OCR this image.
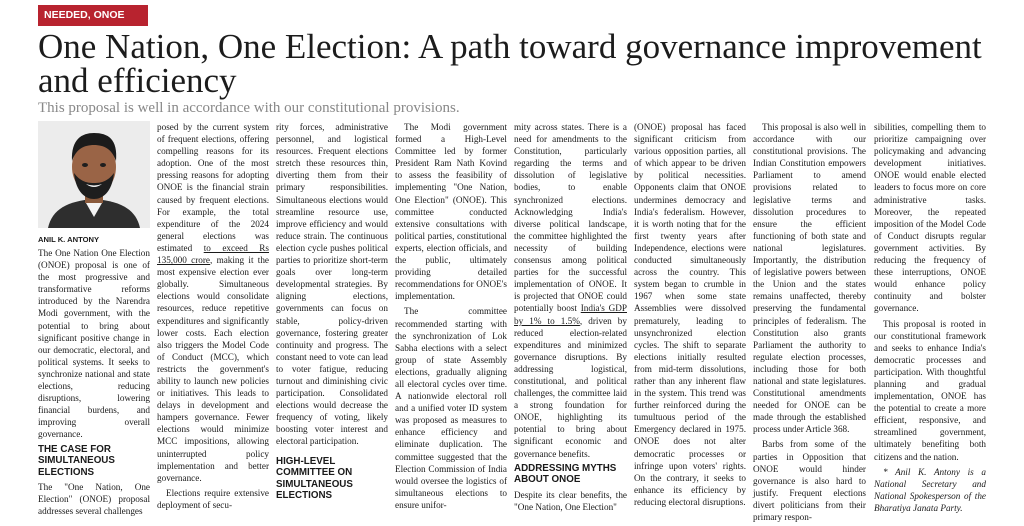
NEEDED, ONOE
One Nation, One Election: A path toward governance improvement and efficiency
This proposal is well in accordance with our constitutional provisions.
ANIL K. ANTONY

The One Nation One Election (ONOE) proposal is one of the most progressive and transformative reforms introduced by the Narendra Modi government, with the potential to bring about significant positive change in our democratic, electoral, and political systems. It seeks to synchronize national and state elections, reducing disruptions, lowering financial burdens, and improving overall governance.

THE CASE FOR SIMULTANEOUS ELECTIONS

The "One Nation, One Election" (ONOE) proposal addresses several challenges

posed by the current system of frequent elections, offering compelling reasons for its adoption. One of the most pressing reasons for adopting ONOE is the financial strain caused by frequent elections. For example, the total expenditure of the 2024 general elections was estimated to exceed Rs 135,000 crore, making it the most expensive election ever globally. Simultaneous elections would consolidate resources, reduce repetitive expenditures and significantly lower costs. Each election also triggers the Model Code of Conduct (MCC), which restricts the government's ability to launch new policies or initiatives. This leads to delays in development and hampers governance. Fewer elections would minimize MCC impositions, allowing uninterrupted policy implementation and better governance.

Elections require extensive deployment of secu-

rity forces, administrative personnel, and logistical resources. Frequent elections stretch these resources thin, diverting them from their primary responsibilities. Simultaneous elections would streamline resource use, improve efficiency and would reduce strain. The continuous election cycle pushes political parties to prioritize short-term goals over long-term developmental strategies. By aligning elections, governments can focus on stable, policy-driven governance, fostering greater continuity and progress. The constant need to vote can lead to voter fatigue, reducing turnout and diminishing civic participation. Consolidated elections would decrease the frequency of voting, likely boosting voter interest and electoral participation.

HIGH-LEVEL COMMITTEE ON SIMULTANEOUS ELECTIONS

The Modi government formed a High-Level Committee led by former President Ram Nath Kovind to assess the feasibility of implementing "One Nation, One Election" (ONOE). This committee conducted extensive consultations with political parties, constitutional experts, election officials, and the public, ultimately providing detailed recommendations for ONOE's implementation.

The committee recommended starting with the synchronization of Lok Sabha elections with a select group of state Assembly elections, gradually aligning all electoral cycles over time. A nationwide electoral roll and a unified voter ID system was proposed as measures to enhance efficiency and eliminate duplication. The committee suggested that the Election Commission of India would oversee the logistics of simultaneous elections to ensure unifor-

mity across states. There is a need for amendments to the Constitution, particularly regarding the terms and dissolution of legislative bodies, to enable synchronized elections. Acknowledging India's diverse political landscape, the committee highlighted the necessity of building consensus among political parties for the successful implementation of ONOE. It is projected that ONOE could potentially boost India's GDP by 1% to 1.5%, driven by reduced election-related expenditures and minimized governance disruptions. By addressing logistical, constitutional, and political challenges, the committee laid a strong foundation for ONOE, highlighting its potential to bring about significant economic and governance benefits.

ADDRESSING MYTHS ABOUT ONOE

Despite its clear benefits, the "One Nation, One Election"

(ONOE) proposal has faced significant criticism from various opposition parties, all of which appear to be driven by political necessities. Opponents claim that ONOE undermines democracy and India's federalism. However, it is worth noting that for the first twenty years after Independence, elections were conducted simultaneously across the country. This system began to crumble in 1967 when some state Assemblies were dissolved prematurely, leading to unsynchronized election cycles. The shift to separate elections initially resulted from mid-term dissolutions, rather than any inherent flaw in the system. This trend was further reinforced during the tumultuous period of the Emergency declared in 1975. ONOE does not alter democratic processes or infringe upon voters' rights. On the contrary, it seeks to enhance its efficiency by reducing electoral disruptions.

This proposal is also well in accordance with our constitutional provisions. The Indian Constitution empowers Parliament to amend provisions related to legislative terms and dissolution procedures to ensure the efficient functioning of both state and national legislatures. Importantly, the distribution of legislative powers between the Union and the states remains unaffected, thereby preserving the fundamental principles of federalism. The Constitution also grants Parliament the authority to regulate election processes, including those for both national and state legislatures. Constitutional amendments needed for ONOE can be made through the established process under Article 368.

Barbs from some of the parties in Opposition that ONOE would hinder governance is also hard to justify. Frequent elections divert politicians from their primary respon-

sibilities, compelling them to prioritize campaigning over policymaking and advancing development initiatives. ONOE would enable elected leaders to focus more on core administrative tasks. Moreover, the repeated imposition of the Model Code of Conduct disrupts regular government activities. By reducing the frequency of these interruptions, ONOE would enhance policy continuity and bolster governance.

This proposal is rooted in our constitutional framework and seeks to enhance India's democratic processes and participation. With thoughtful planning and gradual implementation, ONOE has the potential to create a more efficient, responsive, and streamlined government, ultimately benefiting both citizens and the nation.

* Anil K. Antony is a National Secretary and National Spokesperson of the Bharatiya Janata Party.
